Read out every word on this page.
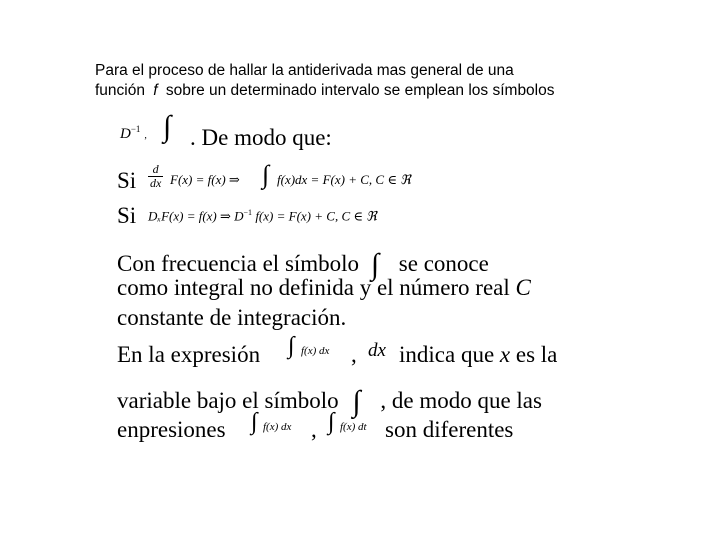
Para el proceso de hallar la antiderivada mas general de una
función f sobre un determinado intervalo se emplean los símbolos
$D^{-1}$, ∫ . De modo que:
Si $\frac{d}{dx} F(x) = f(x)$ ⇒ ∫ f(x)dx = F(x) + C, C ∈ ℜ
Si DₓF(x) = f(x) ⇒ $D^{-1}$ f(x) = F(x) + C, C ∈ ℜ
Con frecuencia el símbolo ∫ se conoce
como integral no definida y el número real C
constante de integración.
En la expresión ∫ f(x) dx , dx indica que x es la
variable bajo el símbolo ∫ , de modo que las
enpresiones ∫ f(x) dx , ∫ f(x) dt son diferentes
